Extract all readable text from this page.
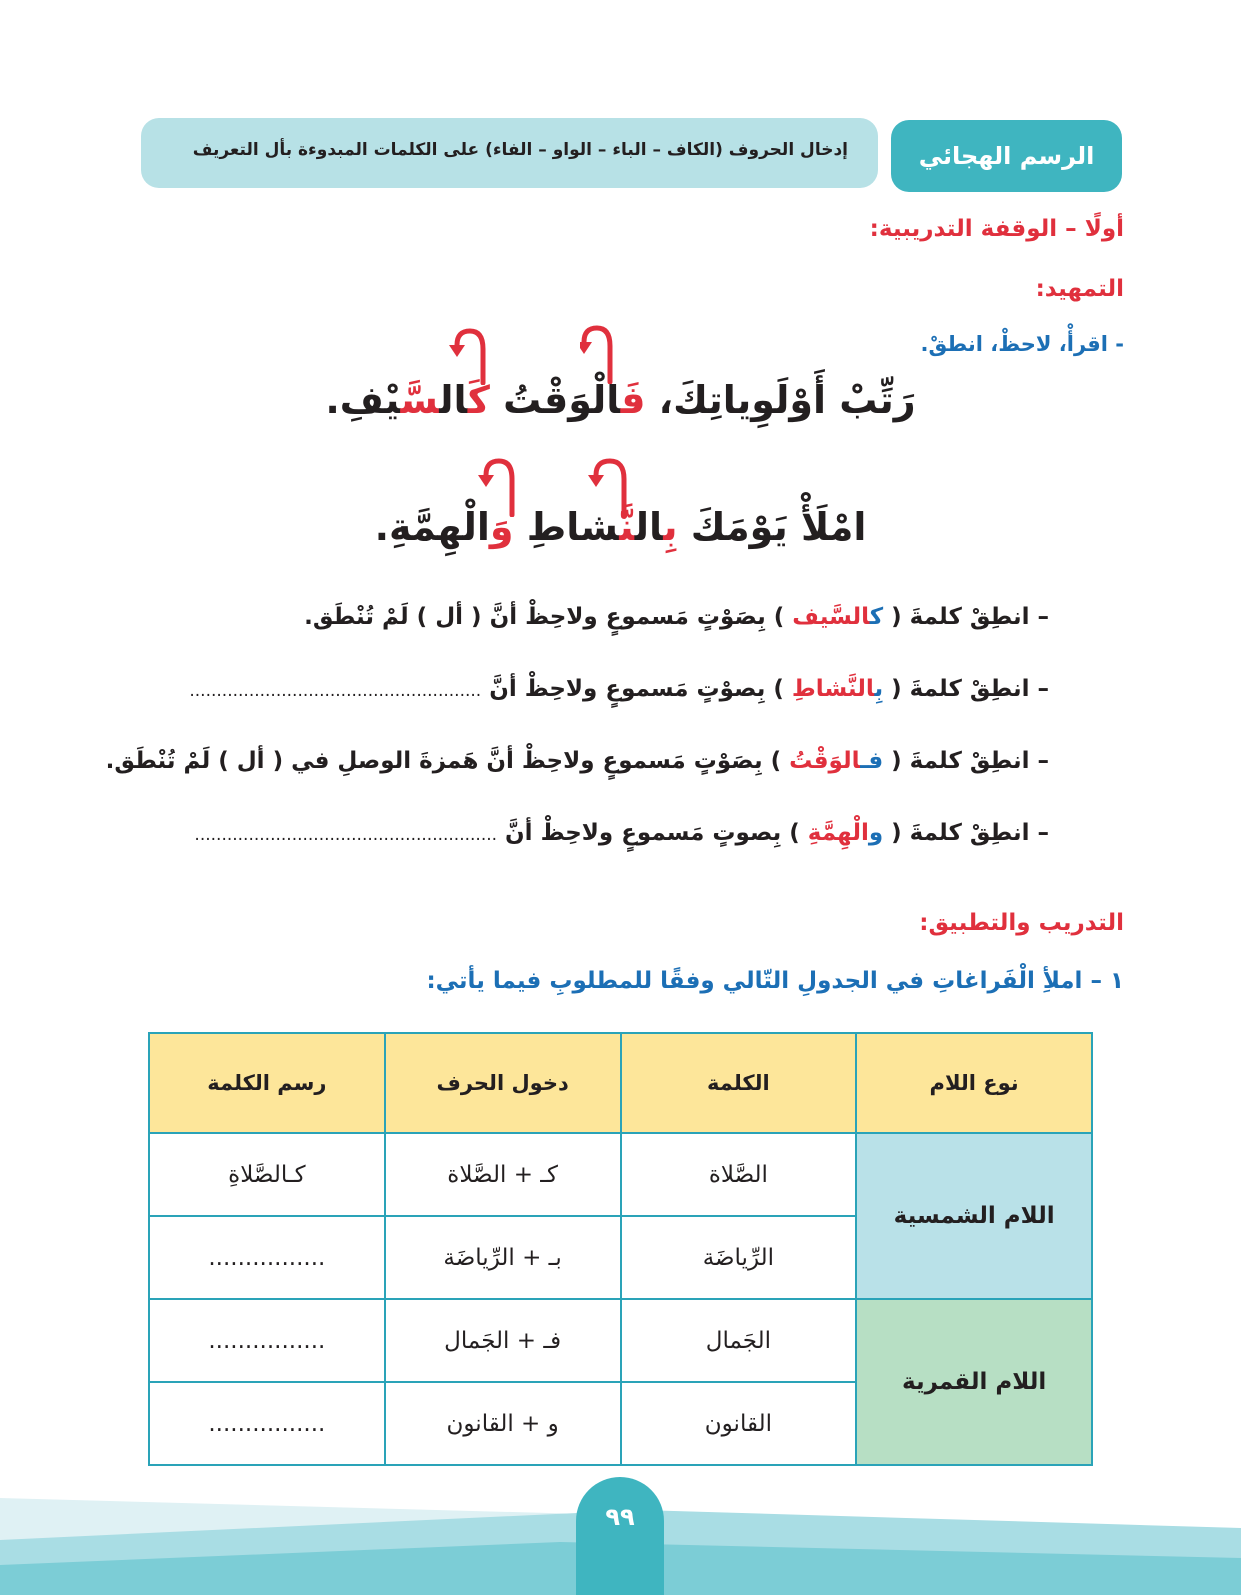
إدخال الحروف (الكاف – الباء – الواو – الفاء) على الكلمات المبدوءة بأل التعريف	الرسم الهجائي
أولًا – الوقفة التدريبية:
التمهيد:
- اقرأْ، لاحظْ، انطقْ.
رَتِّبْ أَوْلَوِياتِكَ، فَالْوَقْتُ كَالسَّيْفِ.
امْلَأْ يَوْمَكَ بِالنَّشاطِ وَالْهِمَّةِ.
– انطِقْ كلمةَ ( كالسَّيف ) بِصَوْتٍ مَسموعٍ ولاحِظْ أنَّ ( أل ) لَمْ تُنْطَق.
– انطِقْ كلمةَ ( بِالنَّشاطِ ) بِصوْتٍ مَسموعٍ ولاحِظْ أنَّ ......................................................
– انطِقْ كلمةَ ( فـالوَقْتُ ) بِصَوْتٍ مَسموعٍ ولاحِظْ أنَّ هَمزةَ الوصلِ في ( أل ) لَمْ تُنْطَق.
– انطِقْ كلمةَ ( والْهِمَّةِ ) بِصوتٍ مَسموعٍ ولاحِظْ أنَّ ........................................................
التدريب والتطبيق:
١ – املأِ الْفَراغاتِ في الجدولِ التّالي وفقًا للمطلوبِ فيما يأتي:
نوع اللام	الكلمة	دخول الحرف	رسم الكلمة
اللام الشمسية	الصَّلاة	كـ + الصَّلاة	كـالصَّلاةِ
	الرِّياضَة	بـ + الرِّياضَة	................
اللام القمرية	الجَمال	فـ + الجَمال	................
	القانون	و + القانون	................
٩٩
